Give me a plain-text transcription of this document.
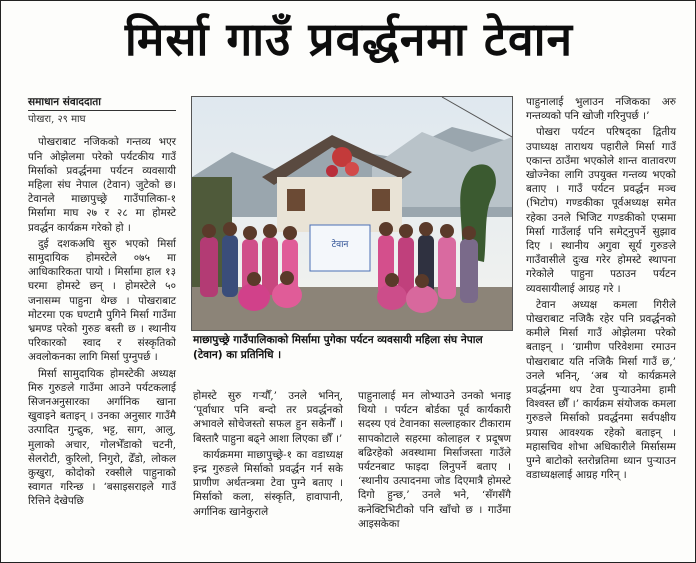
मिर्सा गाउँ प्रवर्द्धनमा टेवान
समाधान संवाददाता
पोखरा, २९ माघ

पोखराबाट नजिकको गन्तव्य भएर पनि ओझेलमा परेको पर्यटकीय गाउँ मिर्साको प्रवर्द्धनमा पर्यटन व्यवसायी महिला संघ नेपाल (टेवान) जुटेको छ। टेवानले माछापुच्छ्रे गाउँपालिका-१ मिर्सामा माघ २७ र २८ मा होमस्टे प्रवर्द्धन कार्यक्रम गरेको हो ।

दुई दशकअघि सुरु भएको मिर्सा सामुदायिक होमस्टेले ०७५ मा आधिकारिकता पायो । मिर्सामा हाल १३ घरमा होमस्टे छन् । होमस्टेले ५० जनासम्म पाहुना थेग्छ । पोखराबाट मोटरमा एक घण्टामै पुगिने मिर्सा गाउँमा भ्रमण्ड परेको गुरुङ बस्ती छ । स्थानीय परिकारको स्वाद र संस्कृतिको अवलोकनका लागि मिर्सा पुग्नुपर्छ ।

मिर्सा सामुदायिक होमस्टेकी अध्यक्ष मिरु गुरुङले गाउँमा आउने पर्यटकलाई सिजनअनुसारका अर्गानिक खाना खुवाइने बताइन् । उनका अनुसार गाउँमै उत्पादित गुन्द्रुक, भट्ट, साग, आलु, मुलाको अचार, गोलभेँडाको चटनी, सेलरोटी, कुरिलो, निगुरो, ढेँडो, लोकल कुखुरा, कोदोको रक्सीले पाहुनाको स्वागत गरिन्छ । ‘बसाइसराइले गाउँ रित्तिने देखेपछि

टेवान
माछापुच्छ्रे गाउँपालिकाको मिर्सामा पुगेका पर्यटन व्यवसायी महिला संघ नेपाल (टेवान) का प्रतिनिधि ।

होमस्टे सुरु गऱ्यौँ,’ उनले भनिन्, ‘पूर्वाधार पनि बन्दो तर प्रवर्द्धनको अभावले सोचेजस्तो सफल हुन सकेनौँ । बिस्तारै पाहुना बढ्ने आशा लिएका छौँ ।’

कार्यक्रममा माछापुच्छ्रे-१ का वडाध्यक्ष इन्द्र गुरुङले मिर्साको प्रवर्द्धन गर्न सके प्राणीण अर्थतन्त्रमा टेवा पुग्ने बताए । मिर्साको कला, संस्कृति, हावापानी, अर्गानिक खानेकुराले

पाहुनालाई मन लोभ्याउने उनको भनाइ थियो । पर्यटन बोर्डका पूर्व कार्यकारी सदस्य एवं टेवानका सल्लाहकार टीकाराम सापकोटाले सहरमा कोलाहल र प्रदूषण बढिरहेको अवस्थामा मिर्साजस्ता गाउँले पर्यटनबाट फाइदा लिनुपर्ने बताए । ‘स्थानीय उत्पादनमा जोड दिएमात्रै होमस्टे दिगो हुन्छ,’ उनले भने, ‘सँगसँगै कनेक्टिभिटीको पनि खाँचो छ । गाउँमा आइसकेका

पाहुनालाई भुलाउन नजिकका अरु गन्तव्यको पनि खोजी गरिनुपर्छ ।’

पोखरा पर्यटन परिषद्का द्वितीय उपाध्यक्ष ताराथय पहारीले मिर्सा गाउँ एकान्त ठाउँमा भएकोले शान्त वातावरण खोज्नेका लागि उपयुक्त गन्तव्य भएको बताए । गाउँ पर्यटन प्रवर्द्धन मञ्च (भिटोप) गण्डकीका पूर्वअध्यक्ष समेत रहेका उनले भिजिट गण्डकीको एप्समा मिर्सा गाउँलाई पनि समेट्नुपर्ने सुझाव दिए । स्थानीय अगुवा सूर्य गुरुङले गाउँवासीले दुःख गरेर होमस्टे स्थापना गरेकोले पाहुना पठाउन पर्यटन व्यवसायीलाई आग्रह गरे ।

टेवान अध्यक्ष कमला गिरीले पोखराबाट नजिकै रहेर पनि प्रवर्द्धनको कमीले मिर्सा गाउँ ओझेलमा परेको बताइन् । ‘ग्रामीण परिवेशमा रमाउन पोखराबाट यति नजिकै मिर्सा गाउँ छ,’ उनले भनिन्, ‘अब यो कार्यक्रमले प्रवर्द्धनमा थप टेवा पुऱ्याउनेमा हामी विश्वस्त छौँ ।’ कार्यक्रम संयोजक कमला गुरुङले मिर्साको प्रवर्द्धनमा सर्वपक्षीय प्रयास आवश्यक रहेको बताइन् । महासचिव शोभा अधिकारीले मिर्सासम्म पुग्ने बाटोको स्तरोन्नतिमा ध्यान पुऱ्याउन वडाध्यक्षलाई आग्रह गरिन् ।
